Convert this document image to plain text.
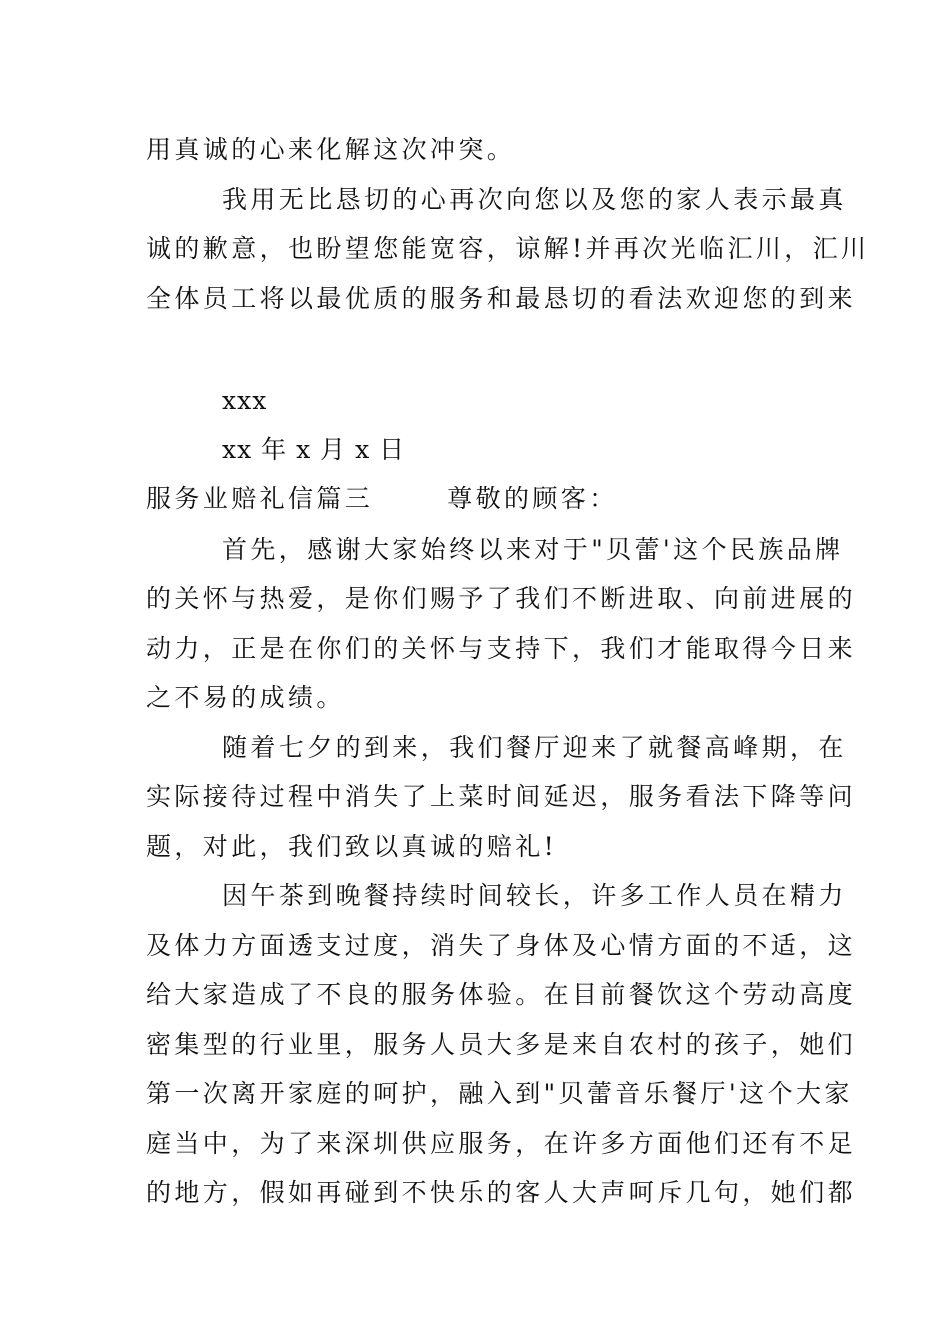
用真诚的心来化解这次冲突。
我用无比恳切的心再次向您以及您的家人表示最真
诚的歉意，也盼望您能宽容，谅解!并再次光临汇川，汇川
全体员工将以最优质的服务和最恳切的看法欢迎您的到来
xxx
xx 年 x 月 x 日
服务业赔礼信篇三	尊敬的顾客：
首先，感谢大家始终以来对于"贝蕾'这个民族品牌
的关怀与热爱，是你们赐予了我们不断进取、向前进展的
动力，正是在你们的关怀与支持下，我们才能取得今日来
之不易的成绩。
随着七夕的到来，我们餐厅迎来了就餐高峰期，在
实际接待过程中消失了上菜时间延迟，服务看法下降等问
题，对此，我们致以真诚的赔礼!
因午茶到晚餐持续时间较长，许多工作人员在精力
及体力方面透支过度，消失了身体及心情方面的不适，这
给大家造成了不良的服务体验。在目前餐饮这个劳动高度
密集型的行业里，服务人员大多是来自农村的孩子，她们
第一次离开家庭的呵护，融入到"贝蕾音乐餐厅'这个大家
庭当中，为了来深圳供应服务，在许多方面他们还有不足
的地方，假如再碰到不快乐的客人大声呵斥几句，她们都
